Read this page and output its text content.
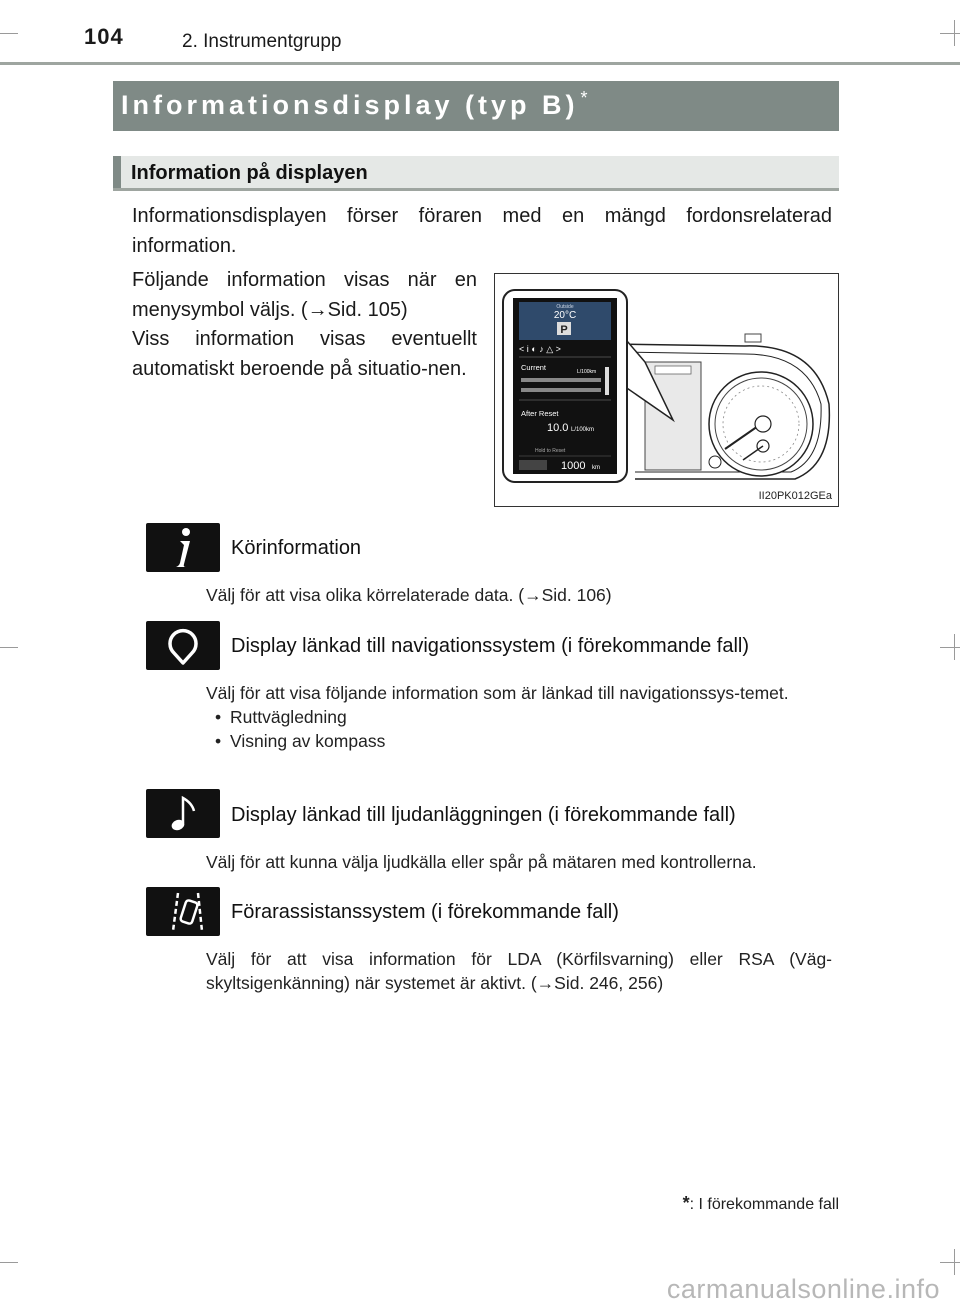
104	2. Instrumentgrupp
Informationsdisplay (typ B) *
Information på displayen
Informationsdisplayen förser föraren med en mängd fordonsrelaterad information.

Följande information visas när en menysymbol väljs. (→Sid. 105)

Viss information visas eventuellt automatiskt beroende på situatio-nen.

Outside
20°C
P
< i ◐ ♪ △ >
Current	L/100km
After Reset
10.0 L/100km
Hold to Reset
1000 km
II20PK012GEa
Körinformation
Välj för att visa olika körrelaterade data. (→Sid. 106)
Display länkad till navigationssystem (i förekommande fall)
Välj för att visa följande information som är länkad till navigationssys-temet.
• Ruttvägledning
• Visning av kompass
Display länkad till ljudanläggningen (i förekommande fall)
Välj för att kunna välja ljudkälla eller spår på mätaren med kontrollerna.
Förarassistanssystem (i förekommande fall)
Välj för att visa information för LDA (Körfilsvarning) eller RSA (Väg-skyltsigenkänning) när systemet är aktivt. (→Sid. 246, 256)
*: I förekommande fall
carmanualsonline.info
